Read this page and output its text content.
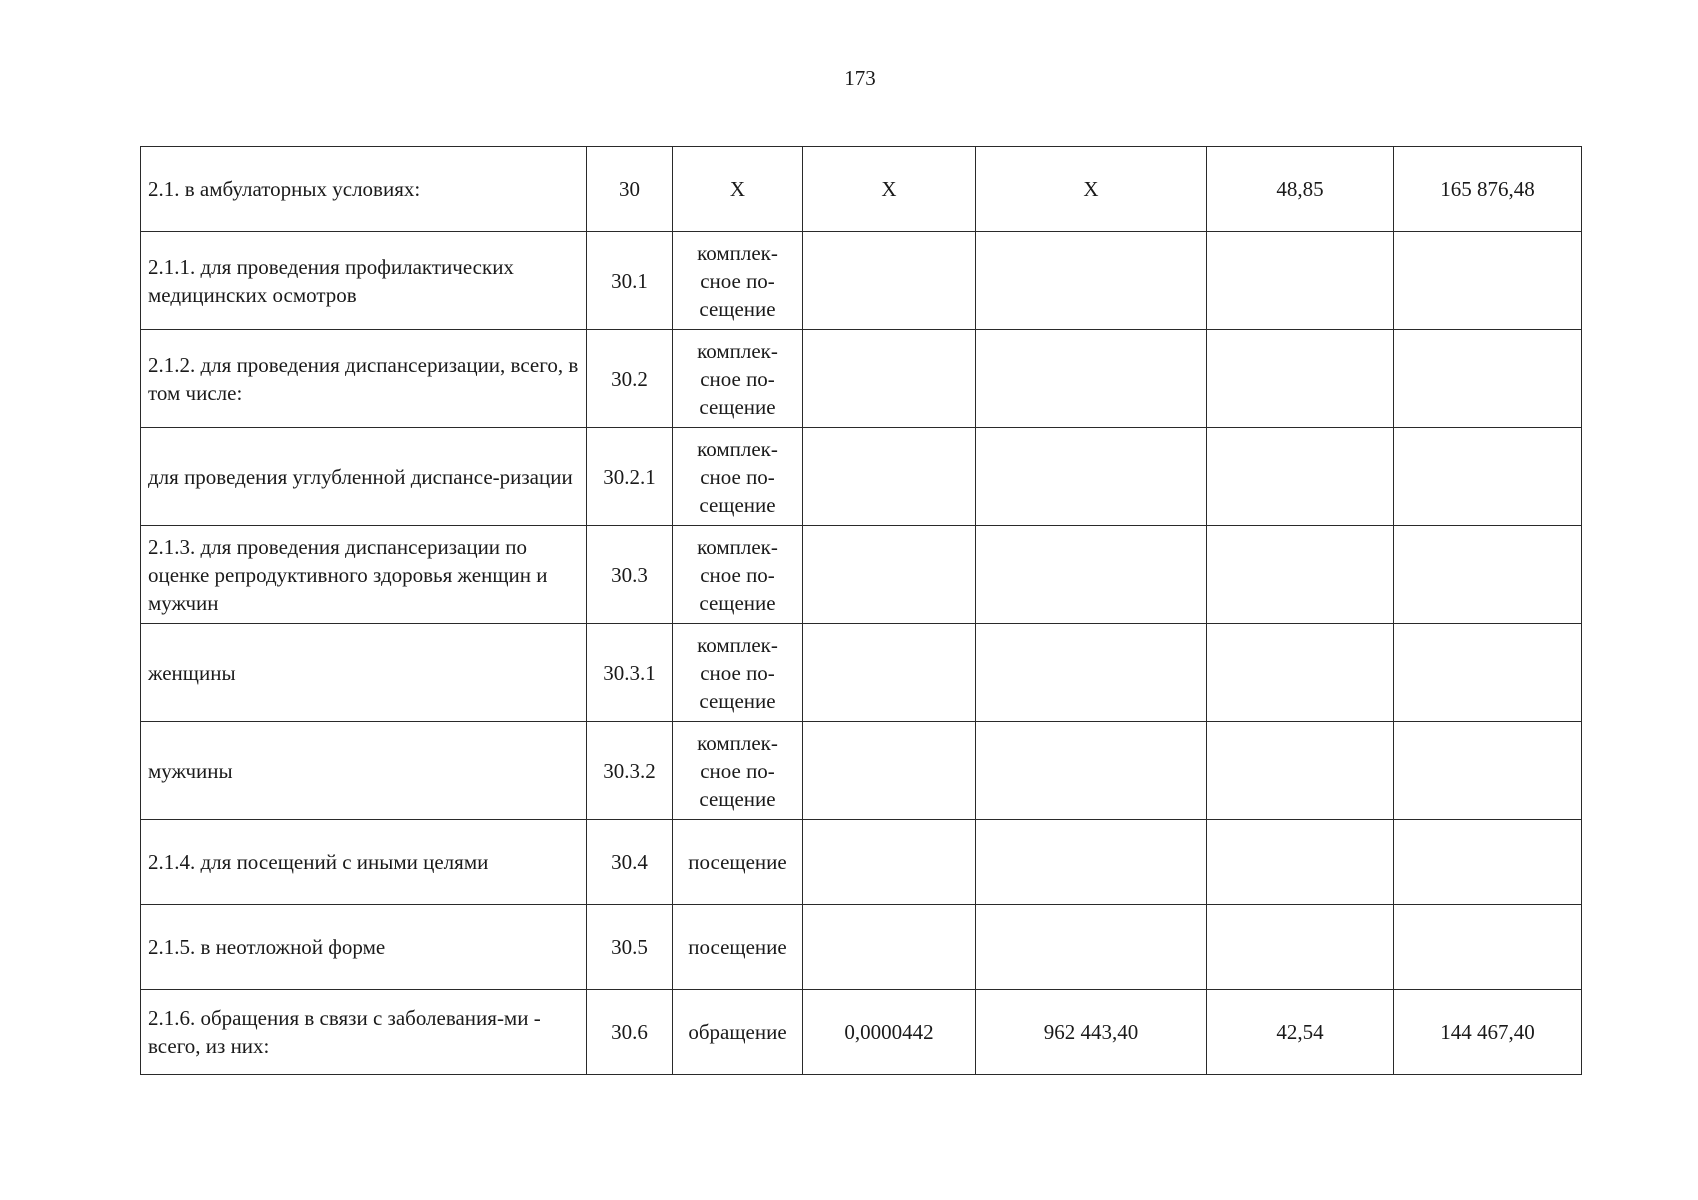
173
2.1. в амбулаторных условиях:	30	X	X	X	48,85	165 876,48
2.1.1. для проведения профилактических медицинских осмотров	30.1	комплек-
сное по-
сещение				

2.1.2. для проведения диспансеризации, всего, в том числе:	30.2	комплек-
сное по-
сещение				

для проведения углубленной диспансе-ризации	30.2.1	комплек-
сное по-
сещение				

2.1.3. для проведения диспансеризации по оценке репродуктивного здоровья женщин и мужчин	30.3	комплек-
сное по-
сещение				

женщины	30.3.1	комплек-
сное по-
сещение				

мужчины	30.3.2	комплек-
сное по-
сещение				

2.1.4. для посещений с иными целями	30.4	посещение				

2.1.5. в неотложной форме	30.5	посещение				

2.1.6. обращения в связи с заболевания-ми - всего, из них:	30.6	обращение	0,0000442	962 443,40	42,54	144 467,40
